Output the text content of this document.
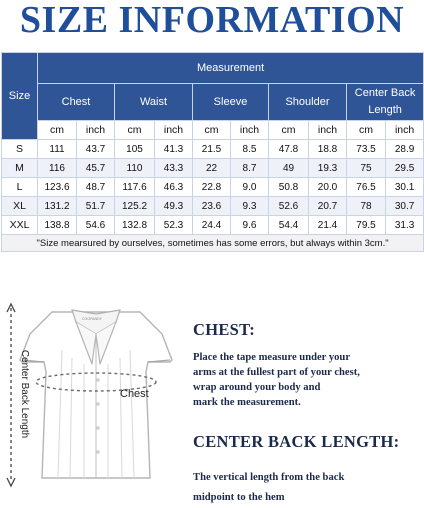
SIZE INFORMATION
Size	Measurement									
	Chest		Waist		Sleeve		Shoulder		Center Back Length	
	cm	inch	cm	inch	cm	inch	cm	inch	cm	inch
S	111	43.7	105	41.3	21.5	8.5	47.8	18.8	73.5	28.9
M	116	45.7	110	43.3	22	8.7	49	19.3	75	29.5
L	123.6	48.7	117.6	46.3	22.8	9.0	50.8	20.0	76.5	30.1
XL	131.2	51.7	125.2	49.3	23.6	9.3	52.6	20.7	78	30.7
XXL	138.8	54.6	132.8	52.3	24.4	9.6	54.4	21.4	79.5	31.3
"Size mearsured by ourselves, sometimes has some errors, but always within 3cm."										
Chest
Center Back Length
COOFANDY

CHEST:

Place the tape measure under your

arms at the fullest part of your chest,

wrap around your body and

mark the measurement.

CENTER BACK LENGTH:

The vertical length from the back

midpoint to the hem
